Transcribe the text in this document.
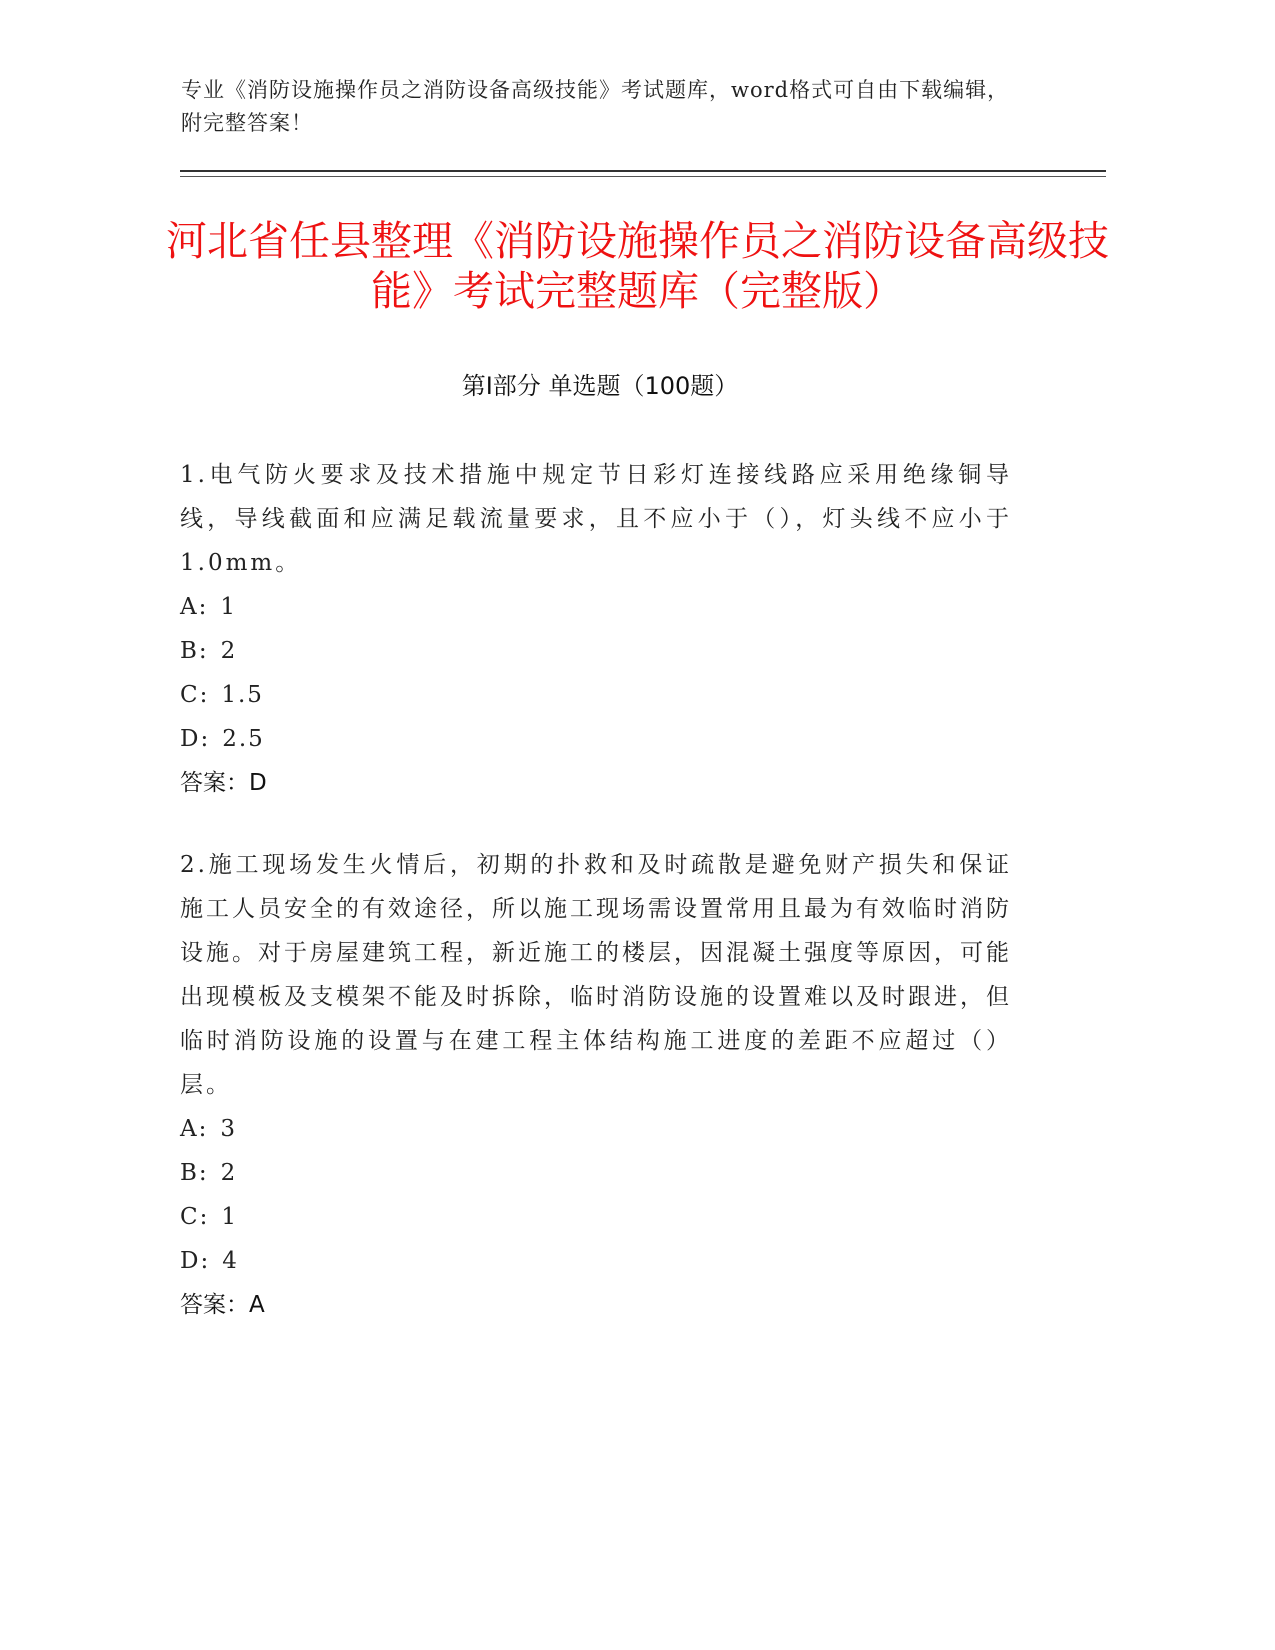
专业《消防设施操作员之消防设备高级技能》考试题库，word格式可自由下载编辑，附完整答案！
河北省任县整理《消防设施操作员之消防设备高级技能》考试完整题库（完整版）
第Ⅰ部分 单选题（100题）

1.电气防火要求及技术措施中规定节日彩灯连接线路应采用绝缘铜导线，导线截面和应满足载流量要求，且不应小于（），灯头线不应小于1.0mm。

A : 1

B : 2

C : 1.5

D : 2.5

答案：D

2.施工现场发生火情后，初期的扑救和及时疏散是避免财产损失和保证施工人员安全的有效途径，所以施工现场需设置常用且最为有效临时消防设施。对于房屋建筑工程，新近施工的楼层，因混凝土强度等原因，可能出现模板及支模架不能及时拆除，临时消防设施的设置难以及时跟进，但临时消防设施的设置与在建工程主体结构施工进度的差距不应超过（）层。

A : 3

B : 2

C : 1

D : 4

答案：A
